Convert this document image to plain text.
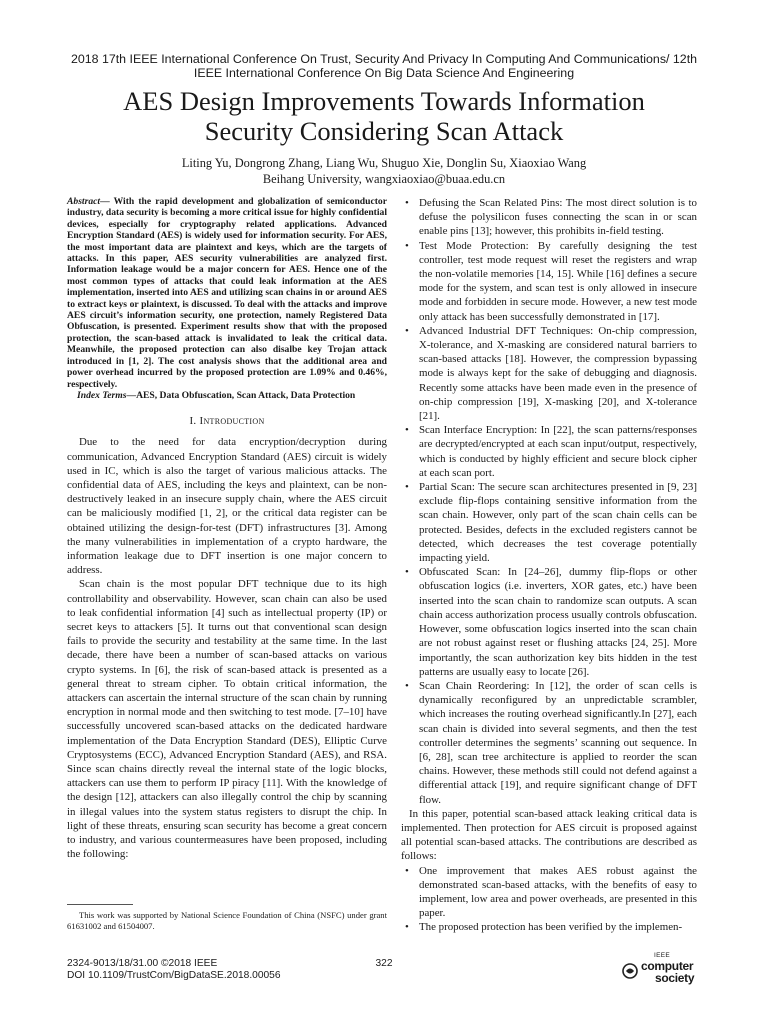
2018 17th IEEE International Conference On Trust, Security And Privacy In Computing And Communications/ 12th
IEEE International Conference On Big Data Science And Engineering
AES Design Improvements Towards Information
Security Considering Scan Attack
Liting Yu, Dongrong Zhang, Liang Wu, Shuguo Xie, Donglin Su, Xiaoxiao Wang
Beihang University, wangxiaoxiao@buaa.edu.cn

Abstract— With the rapid development and globalization of semiconductor industry, data security is becoming a more critical issue for highly confidential devices, especially for cryptography related applications. Advanced Encryption Standard (AES) is widely used for information security. For AES, the most important data are plaintext and keys, which are the targets of attacks. In this paper, AES security vulnerabilities are analyzed first. Information leakage would be a major concern for AES. Hence one of the most common types of attacks that could leak information at the AES implementation, inserted into AES and utilizing scan chains in or around AES to extract keys or plaintext, is discussed. To deal with the attacks and improve AES circuit’s information security, one protection, namely Registered Data Obfuscation, is presented. Experiment results show that with the proposed protection, the scan-based attack is invalidated to leak the critical data. Meanwhile, the proposed protection can also disalbe key Trojan attack introduced in [1, 2]. The cost analysis shows that the additional area and power overhead incurred by the proposed protection are 1.09% and 0.46%, respectively.

Index Terms—AES, Data Obfuscation, Scan Attack, Data Protection

I. Introduction

Due to the need for data encryption/decryption during communication, Advanced Encryption Standard (AES) circuit is widely used in IC, which is also the target of various malicious attacks. The confidential data of AES, including the keys and plaintext, can be non-destructively leaked in an insecure supply chain, where the AES circuit can be maliciously modified [1, 2], or the critical data register can be obtained utilizing the design-for-test (DFT) infrastructures [3]. Among the many vulnerabilities in implementation of a crypto hardware, the information leakage due to DFT insertion is one major concern to address.

Scan chain is the most popular DFT technique due to its high controllability and observability. However, scan chain can also be used to leak confidential information [4] such as intellectual property (IP) or secret keys to attackers [5]. It turns out that conventional scan design fails to provide the security and testability at the same time. In the last decade, there have been a number of scan-based attacks on various crypto systems. In [6], the risk of scan-based attack is presented as a general threat to stream cipher. To obtain critical information, the attackers can ascertain the internal structure of the scan chain by running encryption in normal mode and then switching to test mode. [7–10] have successfully uncovered scan-based attacks on the dedicated hardware implementation of the Data Encryption Standard (DES), Elliptic Curve Cryptosystems (ECC), Advanced Encryption Standard (AES), and RSA. Since scan chains directly reveal the internal state of the logic blocks, attackers can use them to perform IP piracy [11]. With the knowledge of the design [12], attackers can also illegally control the chip by scanning in illegal values into the system status registers to disrupt the chip. In light of these threats, ensuring scan security has become a great concern to industry, and various countermeasures have been proposed, including the following:

This work was supported by National Science Foundation of China (NSFC) under grant 61631002 and 61504007.

• Defusing the Scan Related Pins: The most direct solution is to defuse the polysilicon fuses connecting the scan in or scan enable pins [13]; however, this prohibits in-field testing.
• Test Mode Protection: By carefully designing the test controller, test mode request will reset the registers and wrap the non-volatile memories [14, 15]. While [16] defines a secure mode for the system, and scan test is only allowed in insecure mode and forbidden in secure mode. However, a new test mode only attack has been successfully demonstrated in [17].
• Advanced Industrial DFT Techniques: On-chip compression, X-tolerance, and X-masking are considered natural barriers to scan-based attacks [18]. However, the compression bypassing mode is always kept for the sake of debugging and diagnosis. Recently some attacks have been made even in the presence of on-chip compression [19], X-masking [20], and X-tolerance [21].
• Scan Interface Encryption: In [22], the scan patterns/responses are decrypted/encrypted at each scan input/output, respectively, which is conducted by highly efficient and secure block cipher at each scan port.
• Partial Scan: The secure scan architectures presented in [9, 23] exclude flip-flops containing sensitive information from the scan chain. However, only part of the scan chain cells can be protected. Besides, defects in the excluded registers cannot be detected, which decreases the test coverage potentially impacting yield.
• Obfuscated Scan: In [24–26], dummy flip-flops or other obfuscation logics (i.e. inverters, XOR gates, etc.) have been inserted into the scan chain to randomize scan outputs. A scan chain access authorization process usually controls obfuscation. However, some obfuscation logics inserted into the scan chain are not robust against reset or flushing attacks [24, 25]. More importantly, the scan authorization key bits hidden in the test patterns are usually easy to locate [26].
• Scan Chain Reordering: In [12], the order of scan cells is dynamically reconfigured by an unpredictable scrambler, which increases the routing overhead significantly.In [27], each scan chain is divided into several segments, and then the test controller determines the segments’ scanning out sequence. In [6, 28], scan tree architecture is applied to reorder the scan chains. However, these methods still could not defend against a differential attack [19], and require significant change of DFT flow.

In this paper, potential scan-based attack leaking critical data is implemented. Then protection for AES circuit is proposed against all potential scan-based attacks. The contributions are described as follows:

• One improvement that makes AES robust against the demonstrated scan-based attacks, with the benefits of easy to implement, low area and power overheads, are presented in this paper.
• The proposed protection has been verified by the implemen-
2324-9013/18/31.00 ©2018 IEEE
DOI 10.1109/TrustCom/BigDataSE.2018.00056
322
IEEE
computer
society
